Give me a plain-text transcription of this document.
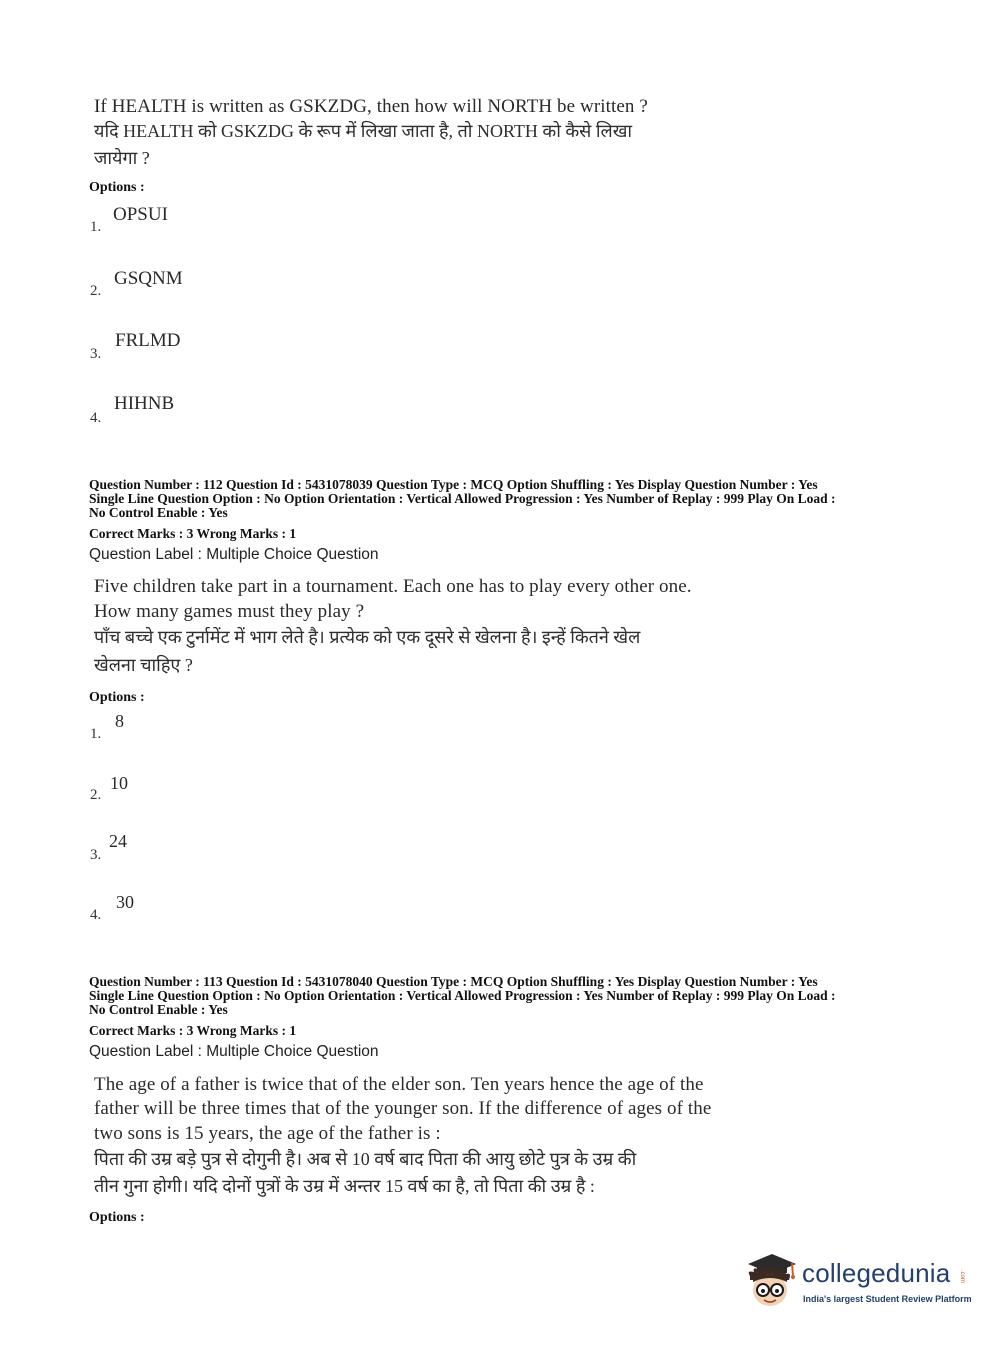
If HEALTH is written as GSKZDG, then how will NORTH be written ?
यदि HEALTH को GSKZDG के रूप में लिखा जाता है, तो NORTH को कैसे लिखा
जायेगा ?
Options :
OPSUI
1.
GSQNM
2.
FRLMD
3.
HIHNB
4.
Question Number : 112 Question Id : 5431078039 Question Type : MCQ Option Shuffling : Yes Display Question Number : Yes
Single Line Question Option : No Option Orientation : Vertical Allowed Progression : Yes Number of Replay : 999 Play On Load :
No Control Enable : Yes
Correct Marks : 3 Wrong Marks : 1
Question Label : Multiple Choice Question
Five children take part in a tournament. Each one has to play every other one.
How many games must they play ?
पाँच बच्चे एक टुर्नामेंट में भाग लेते है। प्रत्येक को एक दूसरे से खेलना है। इन्हें कितने खेल
खेलना चाहिए ?
Options :
8
1.
10
2.
24
3.
30
4.
Question Number : 113 Question Id : 5431078040 Question Type : MCQ Option Shuffling : Yes Display Question Number : Yes
Single Line Question Option : No Option Orientation : Vertical Allowed Progression : Yes Number of Replay : 999 Play On Load :
No Control Enable : Yes
Correct Marks : 3 Wrong Marks : 1
Question Label : Multiple Choice Question
The age of a father is twice that of the elder son. Ten years hence the age of the
father will be three times that of the younger son. If the difference of ages of the
two sons is 15 years, the age of the father is :
पिता की उम्र बड़े पुत्र से दोगुनी है। अब से 10 वर्ष बाद पिता की आयु छोटे पुत्र के उम्र की
तीन गुना होगी। यदि दोनों पुत्रों के उम्र में अन्तर 15 वर्ष का है, तो पिता की उम्र है :
Options :
collegedunia .com
India's largest Student Review Platform
